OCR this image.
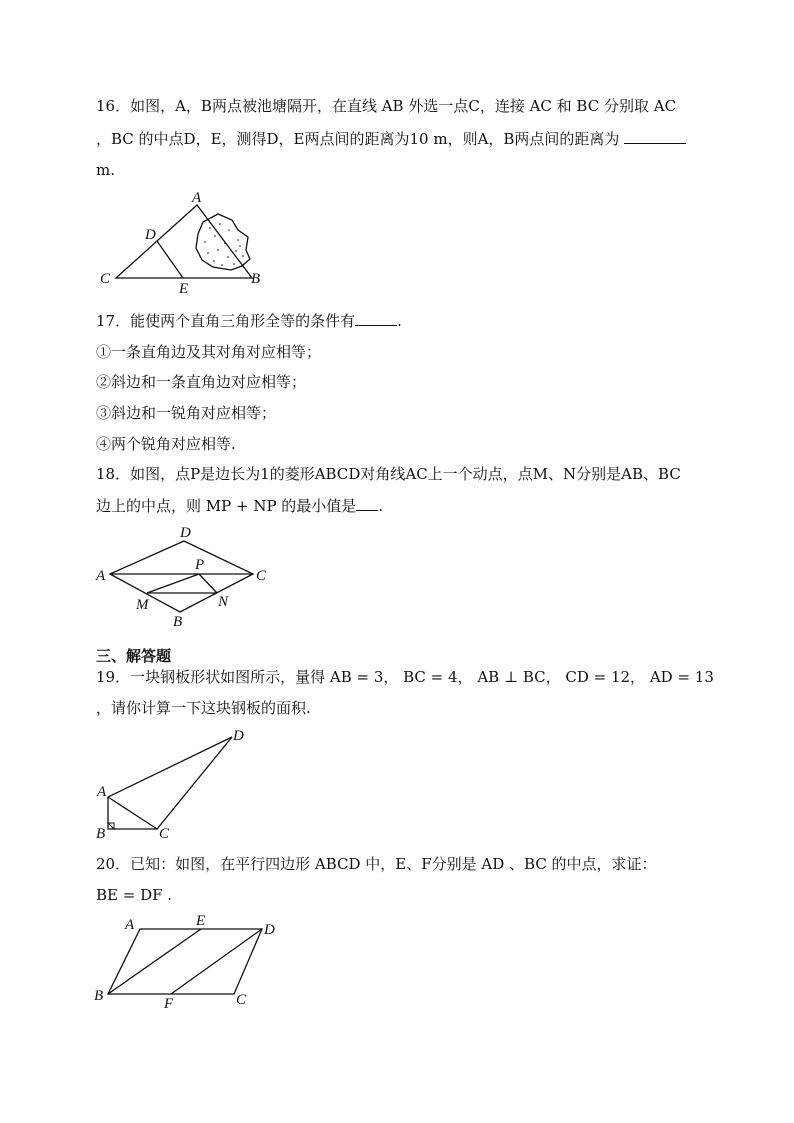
16．如图，A，B两点被池塘隔开，在直线 AB 外选一点C，连接 AC 和 BC 分别取 AC
，BC 的中点D，E，测得D，E两点间的距离为10 m，则A，B两点间的距离为
m.
A
D
C
E
B
D
A
P
C
M	N
B
D
A
B	C
A	E
D
B	F	C
17．能使两个直角三角形全等的条件有	.
①一条直角边及其对角对应相等；
②斜边和一条直角边对应相等；
③斜边和一锐角对应相等；
④两个锐角对应相等.
18．如图，点P是边长为1的菱形ABCD对角线AC上一个动点，点M、N分别是AB、BC
边上的中点，则 MP + NP 的最小值是 .
三、解答题
19．一块钢板形状如图所示，量得 AB = 3， BC = 4， AB ⊥ BC， CD = 12， AD = 13
，请你计算一下这块钢板的面积.
20．已知：如图，在平行四边形 ABCD 中，E、F分别是 AD 、BC 的中点，求证：
BE = DF .
